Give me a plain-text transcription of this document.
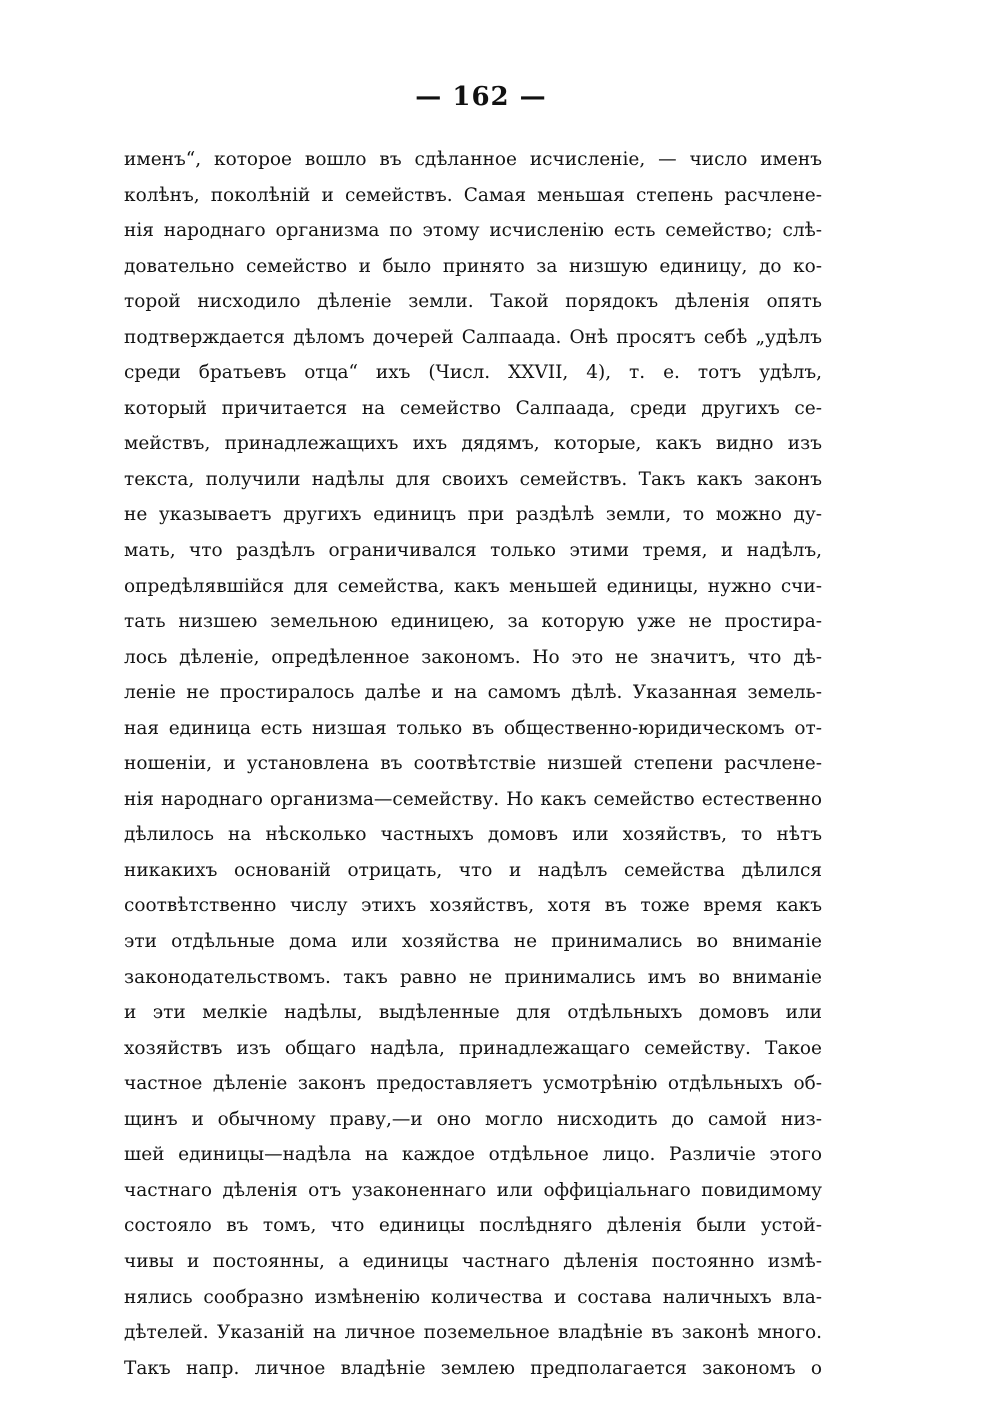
— 162 —
именъ“, которое вошло въ сдѣланное исчисленіе, — число именъ
колѣнъ, поколѣній и семействъ. Самая меньшая степень расчлене-
нія народнаго организма по этому исчисленію есть семейство; слѣ-
довательно семейство и было принято за низшую единицу, до ко-
торой нисходило дѣленіе земли. Такой порядокъ дѣленія опять
подтверждается дѣломъ дочерей Салпаада. Онѣ просятъ себѣ „удѣлъ
среди братьевъ отца“ ихъ (Числ. XXVII, 4), т. е. тотъ удѣлъ,
который причитается на семейство Салпаада, среди другихъ се-
мействъ, принадлежащихъ ихъ дядямъ, которые, какъ видно изъ
текста, получили надѣлы для своихъ семействъ. Такъ какъ законъ
не указываетъ другихъ единицъ при раздѣлѣ земли, то можно ду-
мать, что раздѣлъ ограничивался только этими тремя, и надѣлъ,
опредѣлявшійся для семейства, какъ меньшей единицы, нужно счи-
тать низшею земельною единицею, за которую уже не простира-
лось дѣленіе, опредѣленное закономъ. Но это не значитъ, что дѣ-
леніе не простиралось далѣе и на самомъ дѣлѣ. Указанная земель-
ная единица есть низшая только въ общественно-юридическомъ от-
ношеніи, и установлена въ соотвѣтствіе низшей степени расчлене-
нія народнаго организма—семейству. Но какъ семейство естественно
дѣлилось на нѣсколько частныхъ домовъ или хозяйствъ, то нѣтъ
никакихъ основаній отрицать, что и надѣлъ семейства дѣлился
соотвѣтственно числу этихъ хозяйствъ, хотя въ тоже время какъ
эти отдѣльные дома или хозяйства не принимались во вниманіе
законодательствомъ. такъ равно не принимались имъ во вниманіе
и эти мелкіе надѣлы, выдѣленные для отдѣльныхъ домовъ или
хозяйствъ изъ общаго надѣла, принадлежащаго семейству. Такое
частное дѣленіе законъ предоставляетъ усмотрѣнію отдѣльныхъ об-
щинъ и обычному праву,—и оно могло нисходить до самой низ-
шей единицы—надѣла на каждое отдѣльное лицо. Различіе этого
частнаго дѣленія отъ узаконеннаго или оффиціальнаго повидимому
состояло въ томъ, что единицы послѣдняго дѣленія были устой-
чивы и постоянны, а единицы частнаго дѣленія постоянно измѣ-
нялись сообразно измѣненію количества и состава наличныхъ вла-
дѣтелей. Указаній на личное поземельное владѣніе въ законѣ много.
Такъ напр. личное владѣніе землею предполагается закономъ о
